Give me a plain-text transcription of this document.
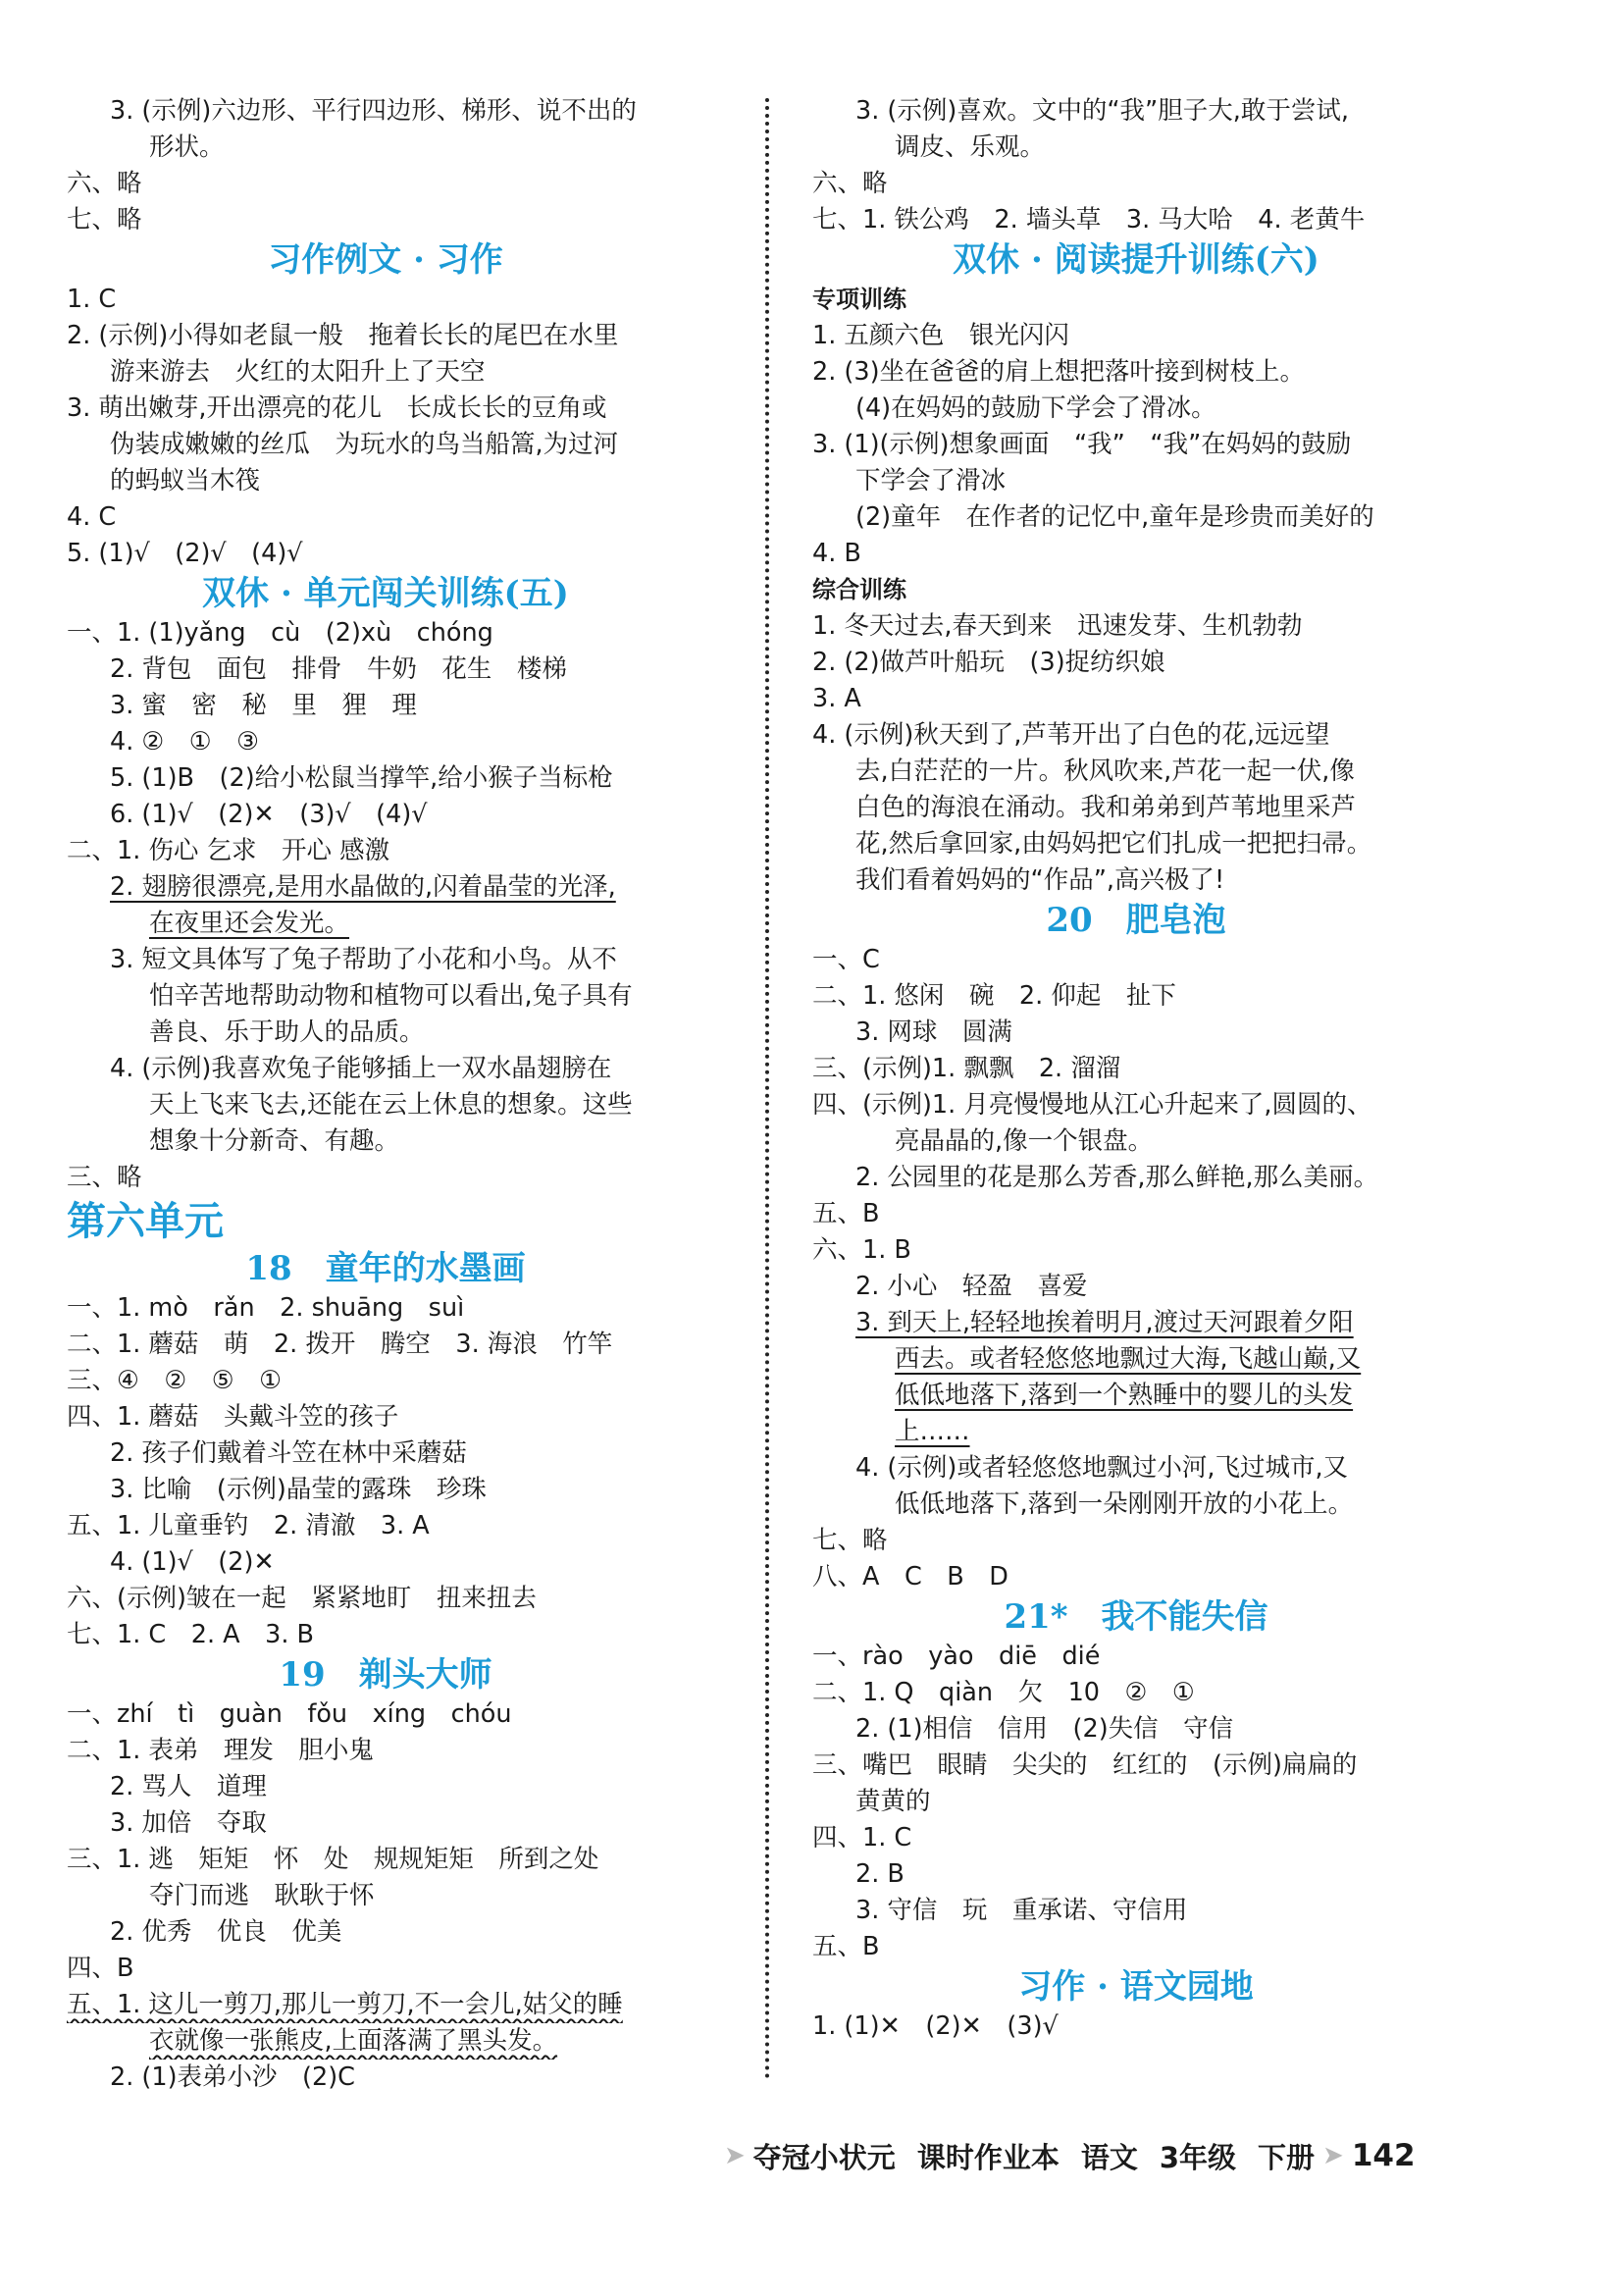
3. (示例)六边形、平行四边形、梯形、说不出的
形状。
六、略
七、略
习作例文 · 习作
1. C
2. (示例)小得如老鼠一般　拖着长长的尾巴在水里
游来游去　火红的太阳升上了天空
3. 萌出嫩芽,开出漂亮的花儿　长成长长的豆角或
伪装成嫩嫩的丝瓜　为玩水的鸟当船篙,为过河
的蚂蚁当木筏
4. C
5. (1)√　(2)√　(4)√
双休 · 单元闯关训练(五)
一、1. (1)yǎng　cù　(2)xù　chóng
2. 背包　面包　排骨　牛奶　花生　楼梯
3. 蜜　密　秘　里　狸　理
4. ②　①　③
5. (1)B　(2)给小松鼠当撑竿,给小猴子当标枪
6. (1)√　(2)✕　(3)√　(4)√
二、1. 伤心 乞求　开心 感激
2. 翅膀很漂亮,是用水晶做的,闪着晶莹的光泽,
在夜里还会发光。
3. 短文具体写了兔子帮助了小花和小鸟。从不
怕辛苦地帮助动物和植物可以看出,兔子具有
善良、乐于助人的品质。
4. (示例)我喜欢兔子能够插上一双水晶翅膀在
天上飞来飞去,还能在云上休息的想象。这些
想象十分新奇、有趣。
三、略
第六单元
18　童年的水墨画
一、1. mò　rǎn　2. shuāng　suì
二、1. 蘑菇　萌　2. 拨开　腾空　3. 海浪　竹竿
三、④　②　⑤　①
四、1. 蘑菇　头戴斗笠的孩子
2. 孩子们戴着斗笠在林中采蘑菇
3. 比喻　(示例)晶莹的露珠　珍珠
五、1. 儿童垂钓　2. 清澈　3. A
4. (1)√　(2)✕
六、(示例)皱在一起　紧紧地盯　扭来扭去
七、1. C　2. A　3. B
19　剃头大师
一、zhí　tì　guàn　fǒu　xíng　chóu
二、1. 表弟　理发　胆小鬼
2. 骂人　道理
3. 加倍　夺取
三、1. 逃　矩矩　怀　处　规规矩矩　所到之处
夺门而逃　耿耿于怀
2. 优秀　优良　优美
四、B
五、1. 这儿一剪刀,那儿一剪刀,不一会儿,姑父的睡
衣就像一张熊皮,上面落满了黑头发。
2. (1)表弟小沙　(2)C
3. (示例)喜欢。文中的“我”胆子大,敢于尝试,
调皮、乐观。
六、略
七、1. 铁公鸡　2. 墙头草　3. 马大哈　4. 老黄牛
双休 · 阅读提升训练(六)
专项训练
1. 五颜六色　银光闪闪
2. (3)坐在爸爸的肩上想把落叶接到树枝上。
(4)在妈妈的鼓励下学会了滑冰。
3. (1)(示例)想象画面　“我”　“我”在妈妈的鼓励
下学会了滑冰
(2)童年　在作者的记忆中,童年是珍贵而美好的
4. B
综合训练
1. 冬天过去,春天到来　迅速发芽、生机勃勃
2. (2)做芦叶船玩　(3)捉纺织娘
3. A
4. (示例)秋天到了,芦苇开出了白色的花,远远望
去,白茫茫的一片。秋风吹来,芦花一起一伏,像
白色的海浪在涌动。我和弟弟到芦苇地里采芦
花,然后拿回家,由妈妈把它们扎成一把把扫帚。
我们看着妈妈的“作品”,高兴极了!
20　肥皂泡
一、C
二、1. 悠闲　碗　2. 仰起　扯下
3. 网球　圆满
三、(示例)1. 飘飘　2. 溜溜
四、(示例)1. 月亮慢慢地从江心升起来了,圆圆的、
亮晶晶的,像一个银盘。
2. 公园里的花是那么芳香,那么鲜艳,那么美丽。
五、B
六、1. B
2. 小心　轻盈　喜爱
3. 到天上,轻轻地挨着明月,渡过天河跟着夕阳
西去。或者轻悠悠地飘过大海,飞越山巅,又
低低地落下,落到一个熟睡中的婴儿的头发
上……
4. (示例)或者轻悠悠地飘过小河,飞过城市,又
低低地落下,落到一朵刚刚开放的小花上。
七、略
八、A　C　B　D
21*　我不能失信
一、rào　yào　diē　dié
二、1. Q　qiàn　欠　10　②　①
2. (1)相信　信用　(2)失信　守信
三、嘴巴　眼睛　尖尖的　红红的　(示例)扁扁的
黄黄的
四、1. C
2. B
3. 守信　玩　重承诺、守信用
五、B
习作 · 语文园地
1. (1)✕　(2)✕　(3)√
➤ 夺冠小状元 课时作业本 语文 3年级 下册 ➤ 142
